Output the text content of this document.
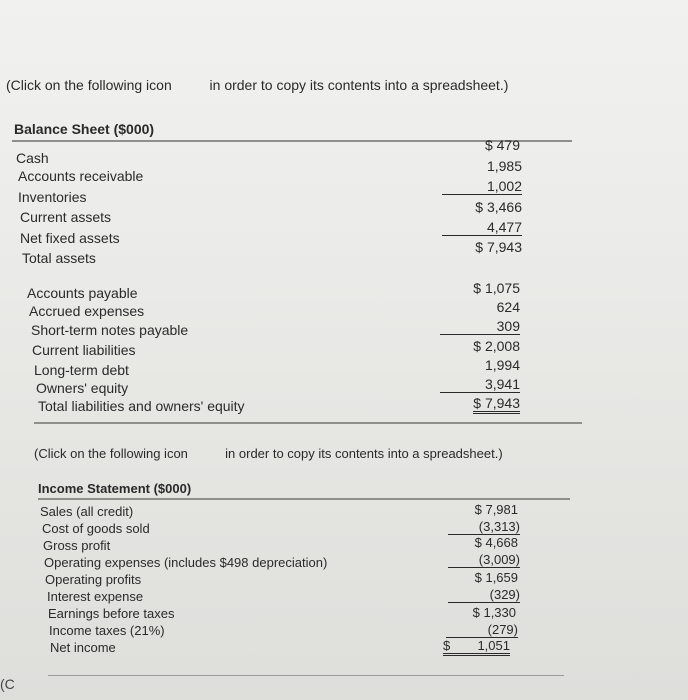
(Click on the following icon	in order to copy its contents into a spreadsheet.)
Balance Sheet ($000)
Cash
Accounts receivable
Inventories
Current assets
Net fixed assets
Total assets
$ 479
1,985
1,002
$ 3,466
4,477
$ 7,943
Accounts payable
Accrued expenses
Short-term notes payable
Current liabilities
Long-term debt
Owners' equity
Total liabilities and owners' equity
$ 1,075
624
309
$ 2,008
1,994
3,941
$ 7,943
(Click on the following icon	in order to copy its contents into a spreadsheet.)
Income Statement ($000)
Sales (all credit)
Cost of goods sold
Gross profit
Operating expenses (includes $498 depreciation)
Operating profits
Interest expense
Earnings before taxes
Income taxes (21%)
Net income
$ 7,981
(3,313)
$ 4,668
(3,009)
$ 1,659
(329)
$ 1,330
(279)
$ 1,051
(C
